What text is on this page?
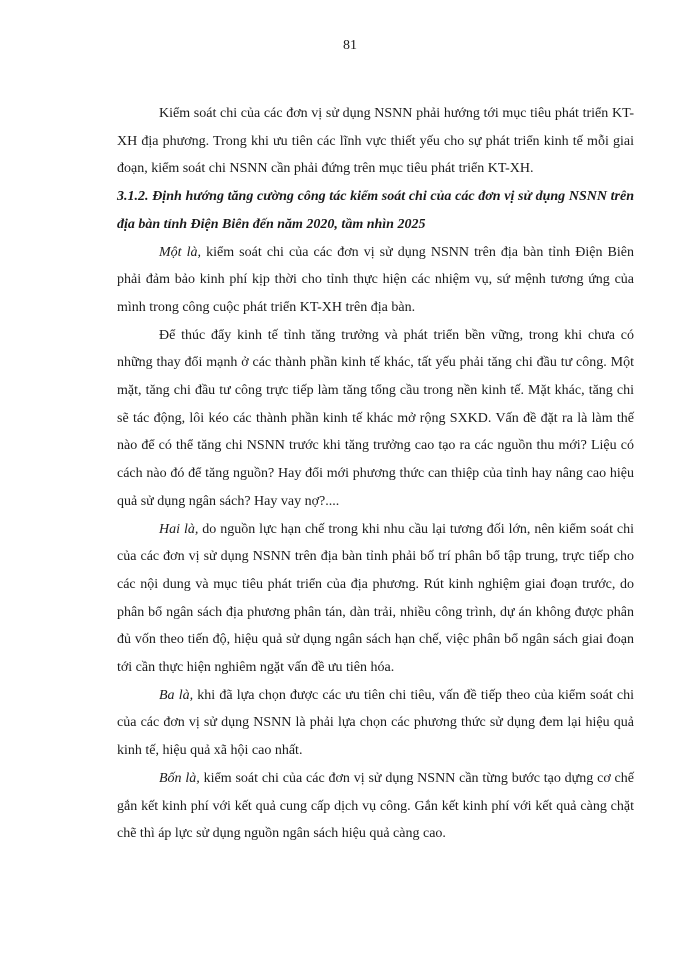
81

Kiểm soát chi của các đơn vị sử dụng NSNN phải hướng tới mục tiêu phát triển KT-XH địa phương. Trong khi ưu tiên các lĩnh vực thiết yếu cho sự phát triển kinh tế mỗi giai đoạn, kiểm soát chi NSNN cần phải đứng trên mục tiêu phát triển KT-XH.

3.1.2. Định hướng tăng cường công tác kiểm soát chi của các đơn vị sử dụng NSNN trên địa bàn tỉnh Điện Biên đến năm 2020, tầm nhìn 2025

Một là, kiểm soát chi của các đơn vị sử dụng NSNN trên địa bàn tỉnh Điện Biên phải đảm bảo kinh phí kịp thời cho tỉnh thực hiện các nhiệm vụ, sứ mệnh tương ứng của mình trong công cuộc phát triển KT-XH trên địa bàn.

Để thúc đẩy kinh tế tỉnh tăng trưởng và phát triển bền vững, trong khi chưa có những thay đổi mạnh ở các thành phần kinh tế khác, tất yếu phải tăng chi đầu tư công. Một mặt, tăng chi đầu tư công trực tiếp làm tăng tổng cầu trong nền kinh tế. Mặt khác, tăng chi sẽ tác động, lôi kéo các thành phần kinh tế khác mở rộng SXKD. Vấn đề đặt ra là làm thế nào để có thể tăng chi NSNN trước khi tăng trưởng cao tạo ra các nguồn thu mới? Liệu có cách nào đó để tăng nguồn? Hay đổi mới phương thức can thiệp của tỉnh hay nâng cao hiệu quả sử dụng ngân sách? Hay vay nợ?....

Hai là, do nguồn lực hạn chế trong khi nhu cầu lại tương đối lớn, nên kiểm soát chi của các đơn vị sử dụng NSNN trên địa bàn tỉnh phải bố trí phân bổ tập trung, trực tiếp cho các nội dung và mục tiêu phát triển của địa phương. Rút kinh nghiệm giai đoạn trước, do phân bổ ngân sách địa phương phân tán, dàn trải, nhiều công trình, dự án không được phân đủ vốn theo tiến độ, hiệu quả sử dụng ngân sách hạn chế, việc phân bổ ngân sách giai đoạn tới cần thực hiện nghiêm ngặt vấn đề ưu tiên hóa.

Ba là, khi đã lựa chọn được các ưu tiên chi tiêu, vấn đề tiếp theo của kiểm soát chi của các đơn vị sử dụng NSNN là phải lựa chọn các phương thức sử dụng đem lại hiệu quả kinh tế, hiệu quả xã hội cao nhất.

Bốn là, kiểm soát chi của các đơn vị sử dụng NSNN cần từng bước tạo dựng cơ chế gắn kết kinh phí với kết quả cung cấp dịch vụ công. Gắn kết kinh phí với kết quả càng chặt chẽ thì áp lực sử dụng nguồn ngân sách hiệu quả càng cao.
